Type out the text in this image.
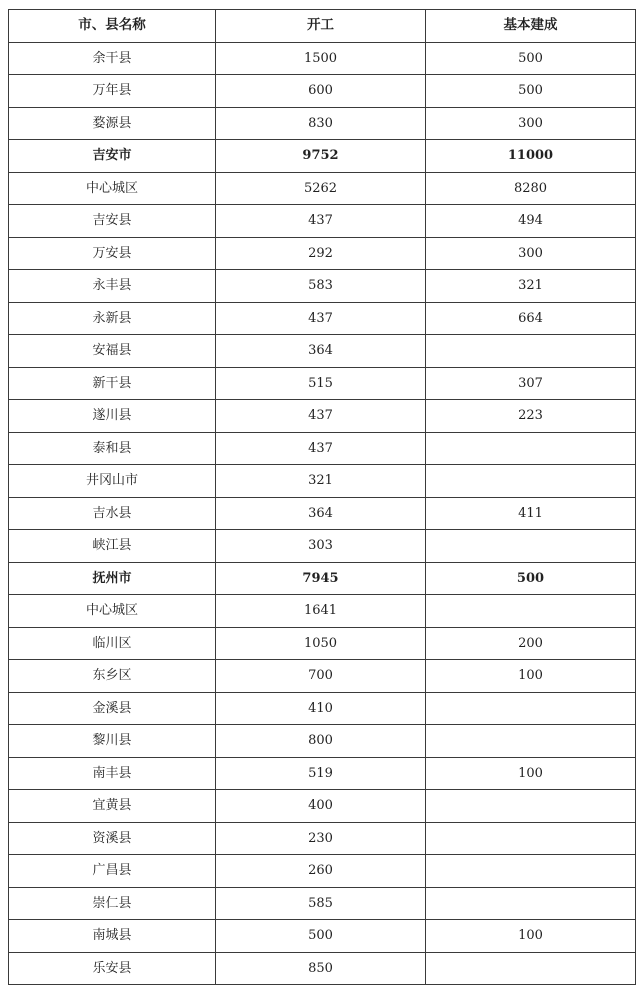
市、县名称	开工	基本建成
余干县	1500	500
万年县	600	500
婺源县	830	300
吉安市	9752	11000
中心城区	5262	8280
吉安县	437	494
万安县	292	300
永丰县	583	321
永新县	437	664
安福县	364	
新干县	515	307
遂川县	437	223
泰和县	437	
井冈山市	321	
吉水县	364	411
峡江县	303	
抚州市	7945	500
中心城区	1641	
临川区	1050	200
东乡区	700	100
金溪县	410	
黎川县	800	
南丰县	519	100
宜黄县	400	
资溪县	230	
广昌县	260	
崇仁县	585	
南城县	500	100
乐安县	850	
